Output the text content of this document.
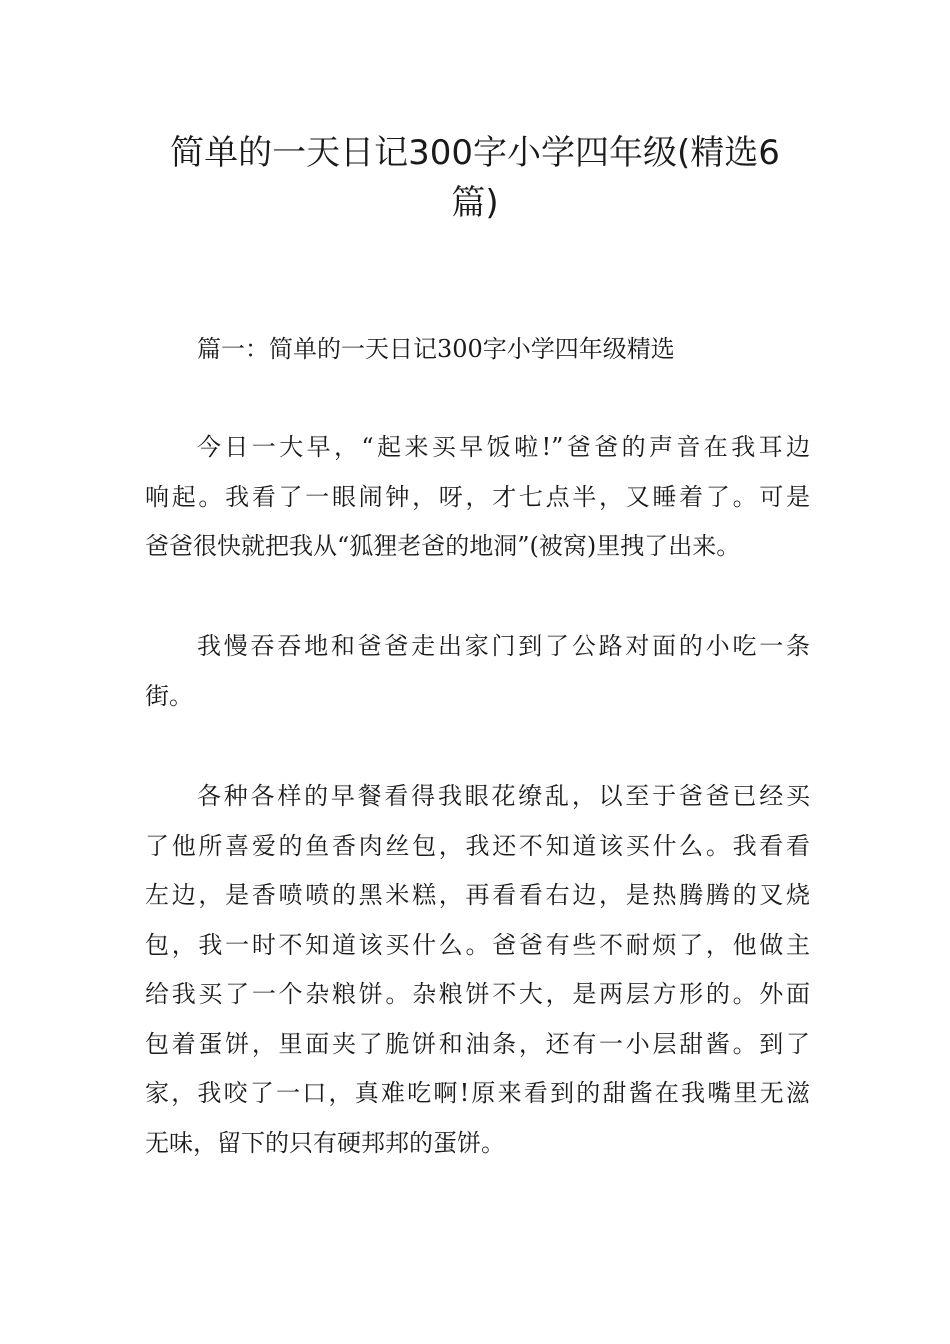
简单的一天日记300字小学四年级(精选6
篇)

篇一：简单的一天日记300字小学四年级精选

今日一大早，“起来买早饭啦!”爸爸的声音在我耳边
响起。我看了一眼闹钟，呀，才七点半，又睡着了。可是
爸爸很快就把我从“狐狸老爸的地洞”(被窝)里拽了出来。
我慢吞吞地和爸爸走出家门到了公路对面的小吃一条
街。
各种各样的早餐看得我眼花缭乱，以至于爸爸已经买
了他所喜爱的鱼香肉丝包，我还不知道该买什么。我看看
左边，是香喷喷的黑米糕，再看看右边，是热腾腾的叉烧
包，我一时不知道该买什么。爸爸有些不耐烦了，他做主
给我买了一个杂粮饼。杂粮饼不大，是两层方形的。外面
包着蛋饼，里面夹了脆饼和油条，还有一小层甜酱。到了
家，我咬了一口，真难吃啊!原来看到的甜酱在我嘴里无滋
无味，留下的只有硬邦邦的蛋饼。
